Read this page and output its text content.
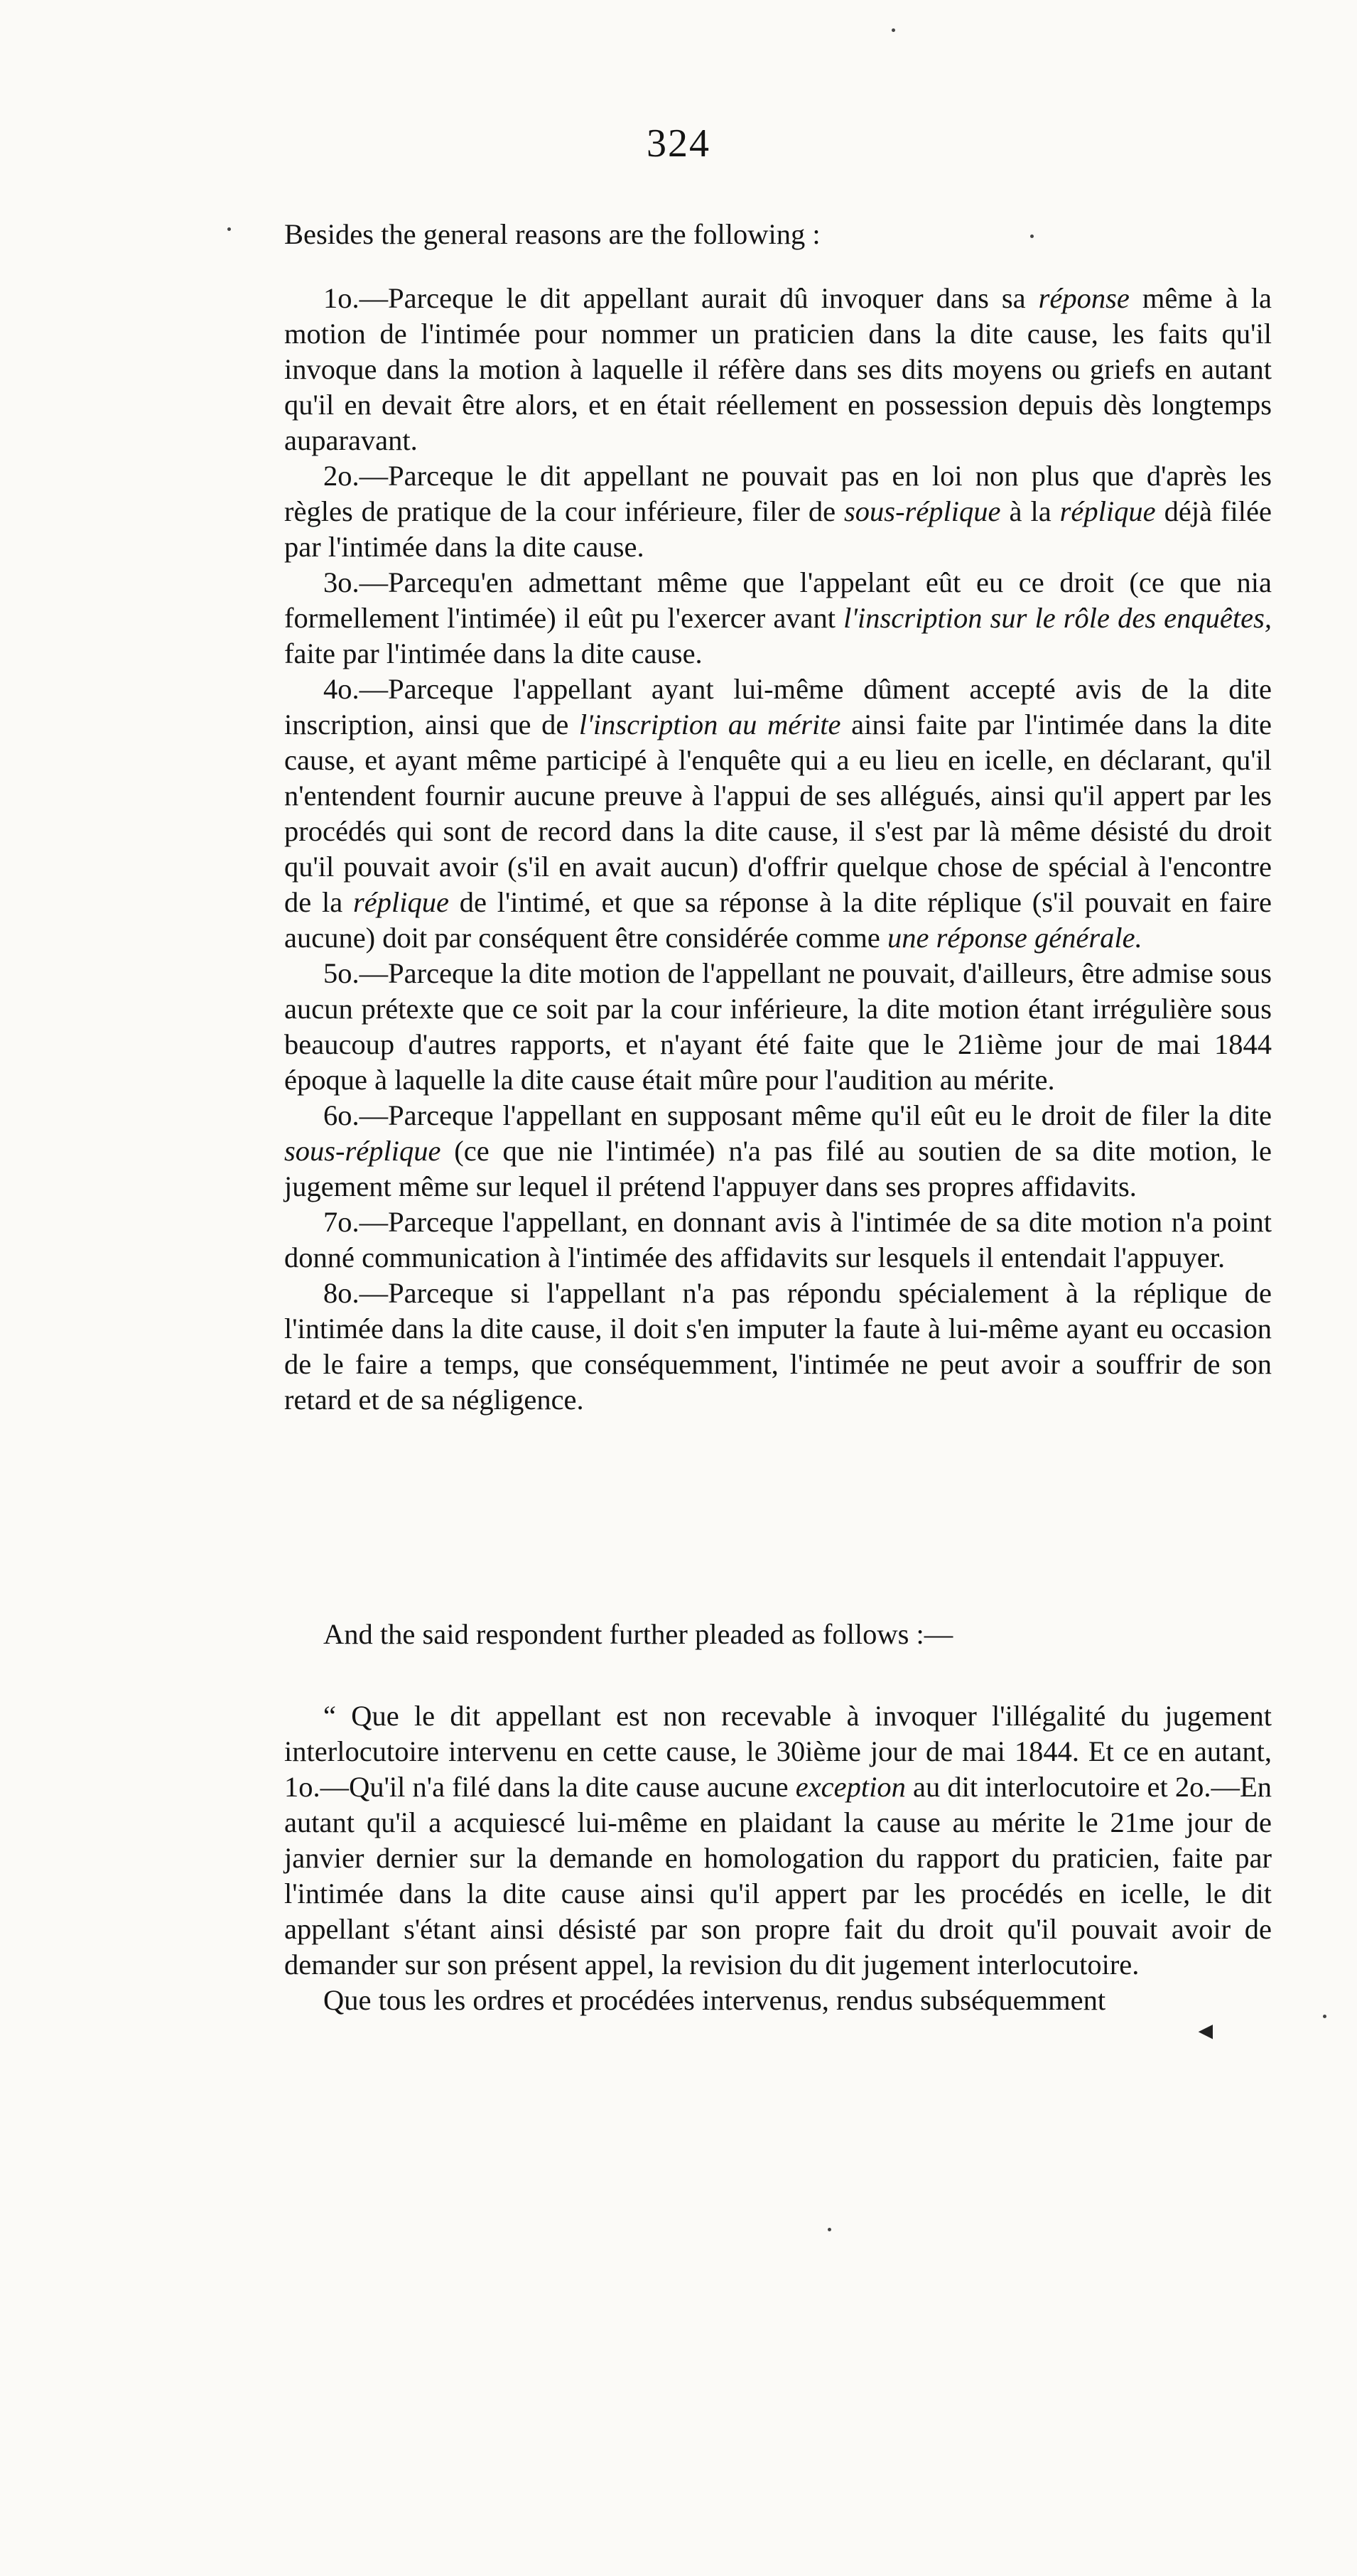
324

Besides the general reasons are the following :

1o.—Parceque le dit appellant aurait dû invoquer dans sa réponse même à la motion de l'intimée pour nommer un praticien dans la dite cause, les faits qu'il invoque dans la motion à laquelle il réfère dans ses dits moyens ou griefs en autant qu'il en devait être alors, et en était réellement en possession depuis dès longtemps auparavant.

2o.—Parceque le dit appellant ne pouvait pas en loi non plus que d'après les règles de pratique de la cour inférieure, filer de sous-réplique à la réplique déjà filée par l'intimée dans la dite cause.

3o.—Parcequ'en admettant même que l'appelant eût eu ce droit (ce que nia formellement l'intimée) il eût pu l'exercer avant l'inscription sur le rôle des enquêtes, faite par l'intimée dans la dite cause.

4o.—Parceque l'appellant ayant lui-même dûment accepté avis de la dite inscription, ainsi que de l'inscription au mérite ainsi faite par l'intimée dans la dite cause, et ayant même participé à l'enquête qui a eu lieu en icelle, en déclarant, qu'il n'entendent fournir aucune preuve à l'appui de ses allégués, ainsi qu'il appert par les procédés qui sont de record dans la dite cause, il s'est par là même désisté du droit qu'il pouvait avoir (s'il en avait aucun) d'offrir quelque chose de spécial à l'encontre de la réplique de l'intimé, et que sa réponse à la dite réplique (s'il pouvait en faire aucune) doit par conséquent être considérée comme une réponse générale.

5o.—Parceque la dite motion de l'appellant ne pouvait, d'ailleurs, être admise sous aucun prétexte que ce soit par la cour inférieure, la dite motion étant irrégulière sous beaucoup d'autres rapports, et n'ayant été faite que le 21ième jour de mai 1844 époque à laquelle la dite cause était mûre pour l'audition au mérite.

6o.—Parceque l'appellant en supposant même qu'il eût eu le droit de filer la dite sous-réplique (ce que nie l'intimée) n'a pas filé au soutien de sa dite motion, le jugement même sur lequel il prétend l'appuyer dans ses propres affidavits.

7o.—Parceque l'appellant, en donnant avis à l'intimée de sa dite motion n'a point donné communication à l'intimée des affidavits sur lesquels il entendait l'appuyer.

8o.—Parceque si l'appellant n'a pas répondu spécialement à la réplique de l'intimée dans la dite cause, il doit s'en imputer la faute à lui-même ayant eu occasion de le faire a temps, que conséquemment, l'intimée ne peut avoir a souffrir de son retard et de sa négligence.

And the said respondent further pleaded as follows :—

“ Que le dit appellant est non recevable à invoquer l'illégalité du jugement interlocutoire intervenu en cette cause, le 30ième jour de mai 1844. Et ce en autant, 1o.—Qu'il n'a filé dans la dite cause aucune exception au dit interlocutoire et 2o.—En autant qu'il a acquiescé lui-même en plaidant la cause au mérite le 21me jour de janvier dernier sur la demande en homologation du rapport du praticien, faite par l'intimée dans la dite cause ainsi qu'il appert par les procédés en icelle, le dit appellant s'étant ainsi désisté par son propre fait du droit qu'il pouvait avoir de demander sur son présent appel, la revision du dit jugement interlocutoire.

Que tous les ordres et procédées intervenus, rendus subséquemment

◄
